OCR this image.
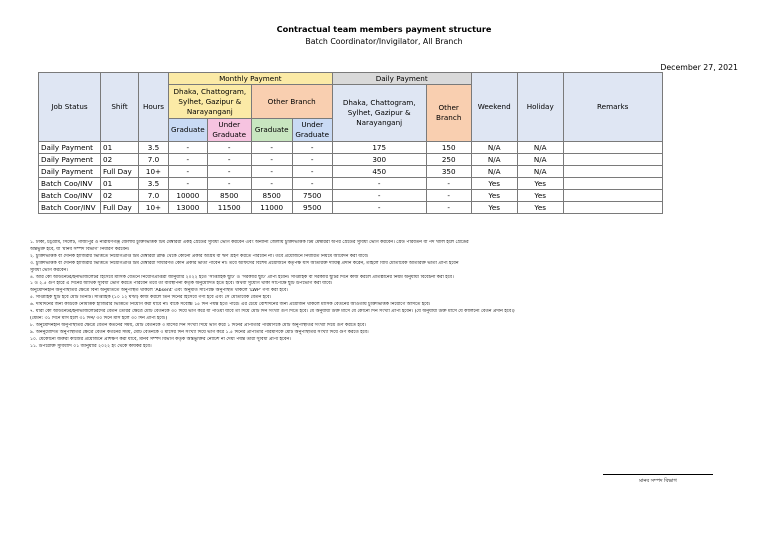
Contractual team members payment structure
Batch Coordinator/Invigilator, All Branch
December 27, 2021
Job Status	Shift	Hours	Monthly Payment				Daily Payment		Weekend	Holiday	Remarks
			Dhaka, Chattogram, Sylhet, Gazipur & Narayanganj		Other Branch		Dhaka, Chattogram, Sylhet, Gazipur & Narayanganj	Other Branch			
			Graduate	Under Graduate	Graduate	Under Graduate					
Daily Payment	01	3.5	-	-	-	-	175	150	N/A	N/A	
Daily Payment	02	7.0	-	-	-	-	300	250	N/A	N/A	
Daily Payment	Full Day	10+	-	-	-	-	450	350	N/A	N/A	
Batch Coo/INV	01	3.5	-	-	-	-	-	-	Yes	Yes	
Batch Coo/INV	02	7.0	10000	8500	8500	7500	-	-	Yes	Yes	
Batch Coor/INV	Full Day	10+	13000	11500	11000	9500	-	-	Yes	Yes	
১. ঢাকা, চট্টগ্রাম, সিলেট, গাজীপুর ও নারায়ণগঞ্জ জেলায় চুক্তিভিত্তিক টিম মেম্বাররা একই গ্রেডের সুবিধা ভোগ করবেন এবং অন্যান্য জেলায় চুক্তিভিত্তিক টিম মেম্বাররা অপর গ্রেডের সুবিধা ভোগ করবেন। গ্রেড পরিবর্তন বা পদ খালি হলে গ্রেডের
অন্তর্ভুক্ত হবে, যা 'মানব সম্পদ বিভাগ' নির্ধারণ করবেন।
২. চুক্তিভিত্তিক বা দৈনিক হাজিরার ভিত্তিতে নিয়োগপ্রাপ্ত টিম মেম্বাররা ব্রাঞ্চ থেকে কোনো প্রকার অগ্রিম বা ঋণ গ্রহণ করতে পারবেন না। তবে প্রয়োজনে নির্ধারিত নিয়মে আবেদন করা যাবে।
৩. চুক্তিভিত্তিক বা দৈনিক হাজিরার ভিত্তিতে নিয়োগপ্রাপ্ত টিম মেম্বাররা সাধারণত কোন প্রকার ভাতা পাবেন না। তবে অফিসের বিশেষ প্রয়োজনে কর্তৃপক্ষ যদি অতিরিক্ত দায়িত্ব প্রদান করেন, তাহলে বিধি মোতাবেক অতিরিক্ত ভাতা প্রাপ্য হবেন
সুবিধা ভোগ করবেন।
৪. আর কো অর্ডিনেটর/ইনভিজিলেটর হিসেবে মাসিক বেতনে নিয়োগপ্রাপ্তরা জানুয়ারি ২০২২ হতে 'সাপ্তাহিক ছুটি' ও 'সরকারি ছুটি' প্রাপ্য হবেন। সাপ্তাহিক বা সরকারি ছুটির দিনে কাজ করলে প্রতিষ্ঠানের নিয়ম অনুযায়ী বিবেচনা করা হবে।
১ ও ২.৫ গুণ হারে এ দিনের আর্থিক সুবিধা ভোগ করতে পারবেন তবে তা ব্যবস্থাপনা কর্তৃক অনুমোদিত হতে হবে। অথবা সুযোগ থাকা সাপেক্ষে ছুটি উপভোগ করা যাবে।
অনুমোদনহীন অনুপস্থিতির ক্ষেত্রে বিনা অনুমতিতে অনুপস্থিত থাকলে 'Absent' এবং অনুমতি সাপেক্ষে অনুপস্থিত থাকলে 'LWP' গণ্য করা হবে।
৫. সাপ্তাহিক ছুটি হবে মোট তিনটি। সাপ্তাহিক (১০ ১২ ঘণ্টা) কাজ করলে তিন দিনের হিসেবে গণ্য হবে এবং সে মোতাবেক বেতন হবে।
৬. দীর্ঘদিনের জন্য কাউকে নৈমিত্তিক হাজিরার ভিত্তিতে নিয়োগ করা যাবে না। বাকে সর্বোচ্চ ১৫ দিন পর্যন্ত হতে পারে। এর চেয়ে বেশিদিনের জন্য প্রয়োজন থাকলে মাসিক বেতনের আওতায় চুক্তিভিত্তিক নিয়োগে আসতে হবে।
৭. যারা কো অর্ডিনেটর/ইনভিজিলেটরদের বেতন তৈরির ক্ষেত্রে মোট বেতনকে ৩০ দিয়ে ভাগ করে যা পাওয়া যাবে তা দিয়ে মোট দিন সংখ্যা গুণ দিতে হবে। যে অনুযায়ী উক্ত মাসে যে কোনো দিন সংখ্যা প্রাপ্য হবেন। (যে অনুযায়ী উক্ত মাসে যে কালিন্যে বেতন প্রদান হবে।)
(যেমন: ৩১ দিনে মাস হলে ৩১ দিন/ ৩০ দিনে মাস হলে ৩০ দিন প্রাপ্য হবে।)
৮. অনুমোদনহীন অনুপস্থিতির ক্ষেত্রে বেতন কর্তনের সময়, মোট বেতনকে ৩ মাসের দিন সংখ্যা দিয়ে ভাগ করে ১ দিনের প্রাপ্যতার পরিমাণকে মোট অনুপস্থিতির সংখ্যা দিয়ে গুণ করতে হবে।
৯. অননুমোদিত অনুপস্থিতির ক্ষেত্রে বেতন কর্তনের সময়, মোট বেতনকে ৩ মাসের দিন সংখ্যা দিয়ে ভাগ করে ১.৫ দিনের প্রাপ্যতার পরিমাণকে মোট অনুপস্থিতির সংখ্যা দিয়ে গুণ করতে হবে।
১০. যেকোনো জরুরী কাজের প্রয়োজনে প্রশিক্ষণ করা যাবে, মানব সম্পদ বিভাগ কর্তৃক অন্তর্ভুক্তির নোটিশ না দেয়া পর্যন্ত তারা সুবিধা প্রাপ্য হবেন।
১১. উপরোক্ত সুবিধাদি ০১ জানুয়ারি ২০২২ ইং থেকে কার্যকর হবে।
মানব সম্পদ বিভাগ
